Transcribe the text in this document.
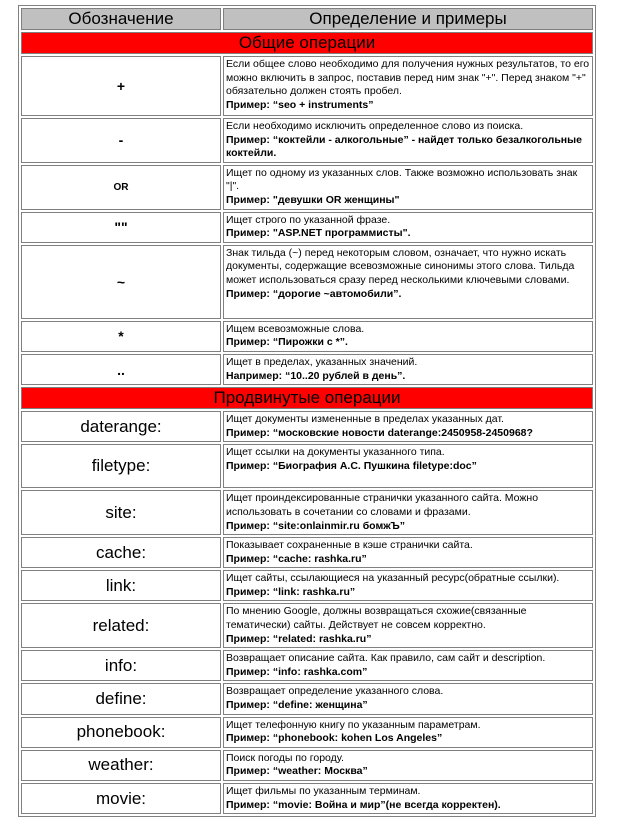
Обозначение	Определение и примеры
Общие операции	
+	Если общее слово необходимо для получения нужных результатов, то его можно включить в запрос, поставив перед ним знак "+". Перед знаком "+" обязательно должен стоять пробел.
Пример: “seo + instruments”

-	Если необходимо исключить определенное слово из поиска.
Пример: “коктейли - алкогольные” - найдет только безалкогольные коктейли.

OR	Ищет по одному из указанных слов. Также возможно использовать знак "|".
Пример: "девушки OR женщины"

""	Ищет строго по указанной фразе.
Пример: "ASP.NET программисты".

~	Знак тильда (~) перед некоторым словом, означает, что нужно искать документы, содержащие всевозможные синонимы этого слова. Тильда может использоваться сразу перед несколькими ключевыми словами.
Пример: “дорогие ~автомобили”.

*	Ищем всевозможные слова.
Пример: “Пирожки с *”.

..	Ищет в пределах, указанных значений.
Например: “10..20 рублей в день”.

Продвинутые операции	
daterange:	Ищет документы измененные в пределах указанных дат.
Пример: “московские новости daterange:2450958-2450968?

filetype:	Ищет ссылки на документы указанного типа.
Пример: “Биография А.С. Пушкина filetype:doc”

site:	Ищет проиндексированные странички указанного сайта. Можно использовать в сочетании со словами и фразами.
Пример: “site:onlainmir.ru бомжЪ”

cache:	Показывает сохраненные в кэше странички сайта.
Пример: “cache: rashka.ru”

link:	Ищет сайты, ссылающиеся на указанный ресурс(обратные ссылки).
Пример: “link: rashka.ru”

related:	По мнению Google, должны возвращаться схожие(связанные тематически) сайты. Действует не совсем корректно.
Пример: “related: rashka.ru”

info:	Возвращает описание сайта. Как правило, сам сайт и description.
Пример: “info: rashka.com”

define:	Возвращает определение указанного слова.
Пример: “define: женщина”

phonebook:	Ищет телефонную книгу по указанным параметрам.
Пример: “phonebook: kohen Los Angeles”

weather:	Поиск погоды по городу.
Пример: “weather: Москва”

movie:	Ищет фильмы по указанным терминам.
Пример: “movie: Война и мир”(не всегда корректен).
